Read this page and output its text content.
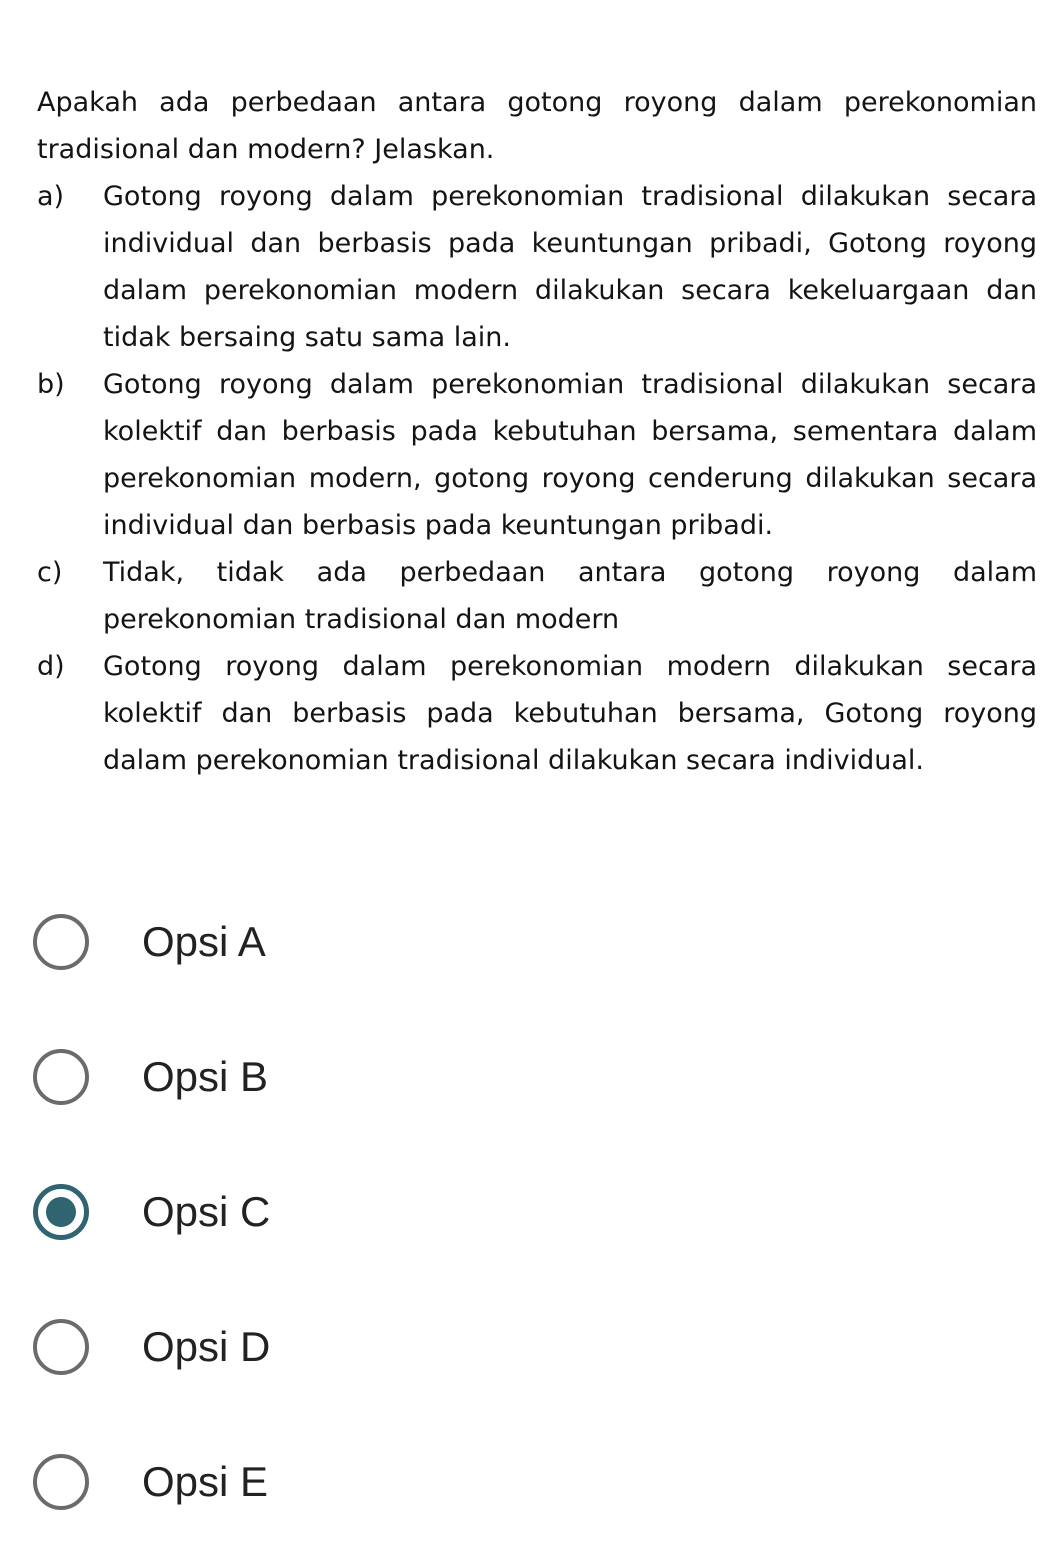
Apakah ada perbedaan antara gotong royong dalam perekonomian tradisional dan modern? Jelaskan.

a)	Gotong royong dalam perekonomian tradisional dilakukan secara individual dan berbasis pada keuntungan pribadi, Gotong royong dalam perekonomian modern dilakukan secara kekeluargaan dan tidak bersaing satu sama lain.
b)	Gotong royong dalam perekonomian tradisional dilakukan secara kolektif dan berbasis pada kebutuhan bersama, sementara dalam perekonomian modern, gotong royong cenderung dilakukan secara individual dan berbasis pada keuntungan pribadi.
c)	Tidak, tidak ada perbedaan antara gotong royong dalam perekonomian tradisional dan modern
d)	Gotong royong dalam perekonomian modern dilakukan secara kolektif dan berbasis pada kebutuhan bersama, Gotong royong dalam perekonomian tradisional dilakukan secara individual.
Opsi A
Opsi B
Opsi C
Opsi D
Opsi E
